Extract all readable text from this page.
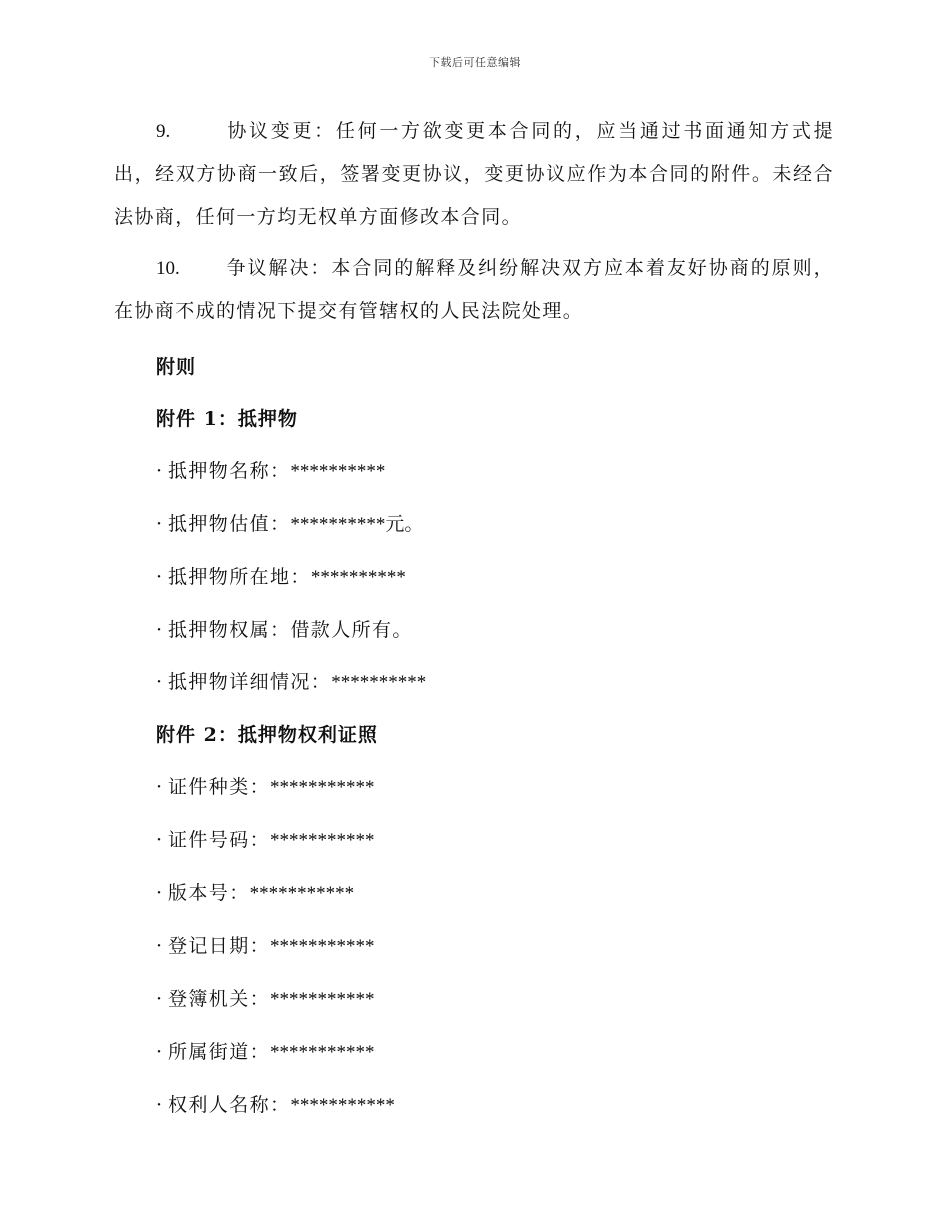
下载后可任意编辑

9.	协议变更：任何一方欲变更本合同的，应当通过书面通知方式提出，经双方协商一致后，签署变更协议，变更协议应作为本合同的附件。未经合法协商，任何一方均无权单方面修改本合同。

10. 争议解决：本合同的解释及纠纷解决双方应本着友好协商的原则，在协商不成的情况下提交有管辖权的人民法院处理。

附则

附件 1：抵押物

· 抵押物名称：**********

· 抵押物估值：**********元。

· 抵押物所在地：**********

· 抵押物权属：借款人所有。

· 抵押物详细情况：**********

附件 2：抵押物权利证照

· 证件种类：***********

· 证件号码：***********

· 版本号：***********

· 登记日期：***********

· 登簿机关：***********

· 所属街道：***********

· 权利人名称：***********
